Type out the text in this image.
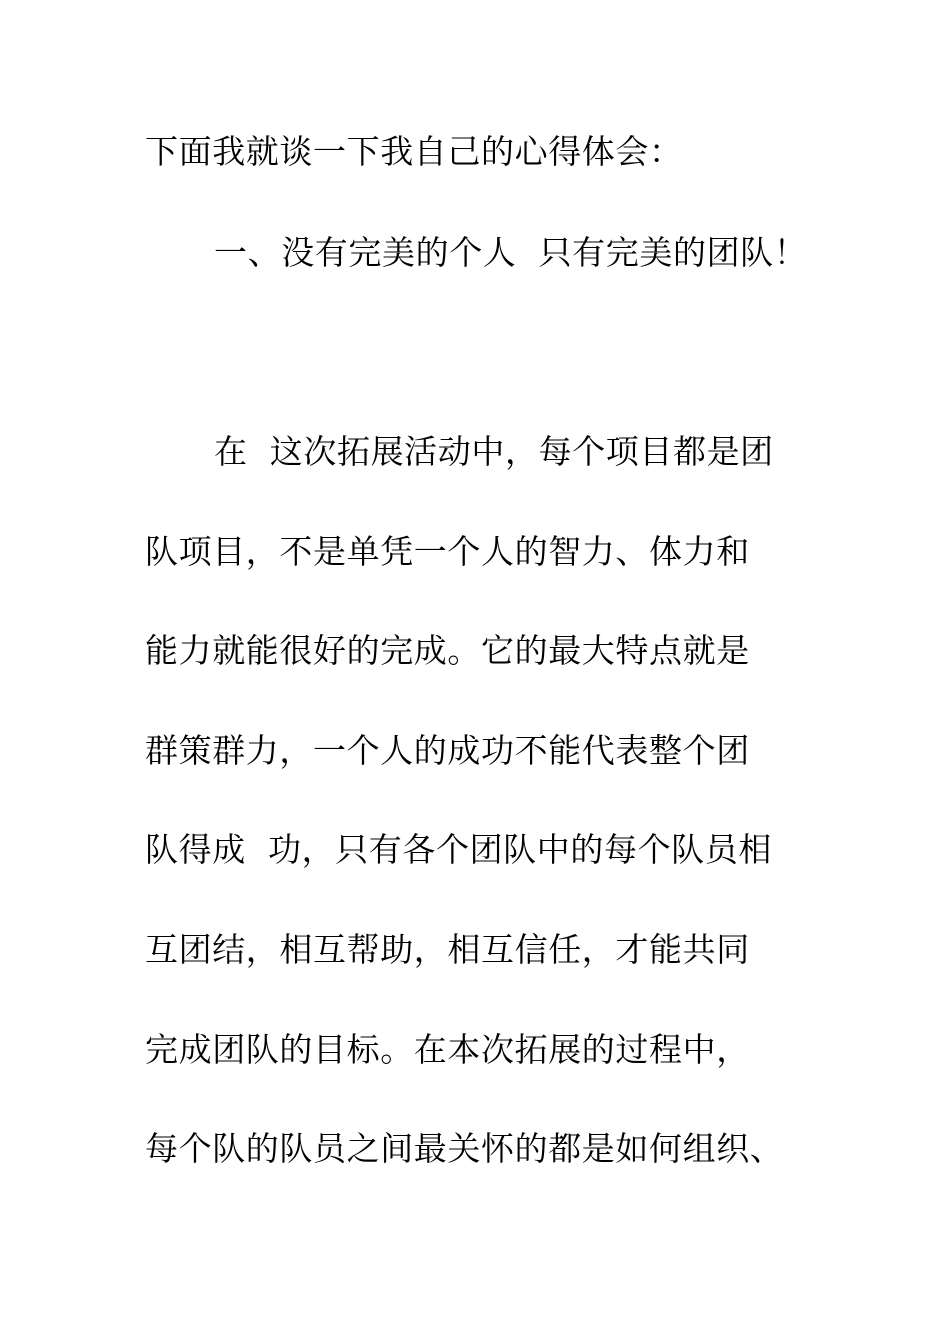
下面我就谈一下我自己的心得体会：
一、没有完美的个人  只有完美的团队！
在  这次拓展活动中，每个项目都是团
队项目，不是单凭一个人的智力、体力和
能力就能很好的完成。它的最大特点就是
群策群力，一个人的成功不能代表整个团
队得成  功，只有各个团队中的每个队员相
互团结，相互帮助，相互信任，才能共同
完成团队的目标。在本次拓展的过程中，
每个队的队员之间最关怀的都是如何组织、
